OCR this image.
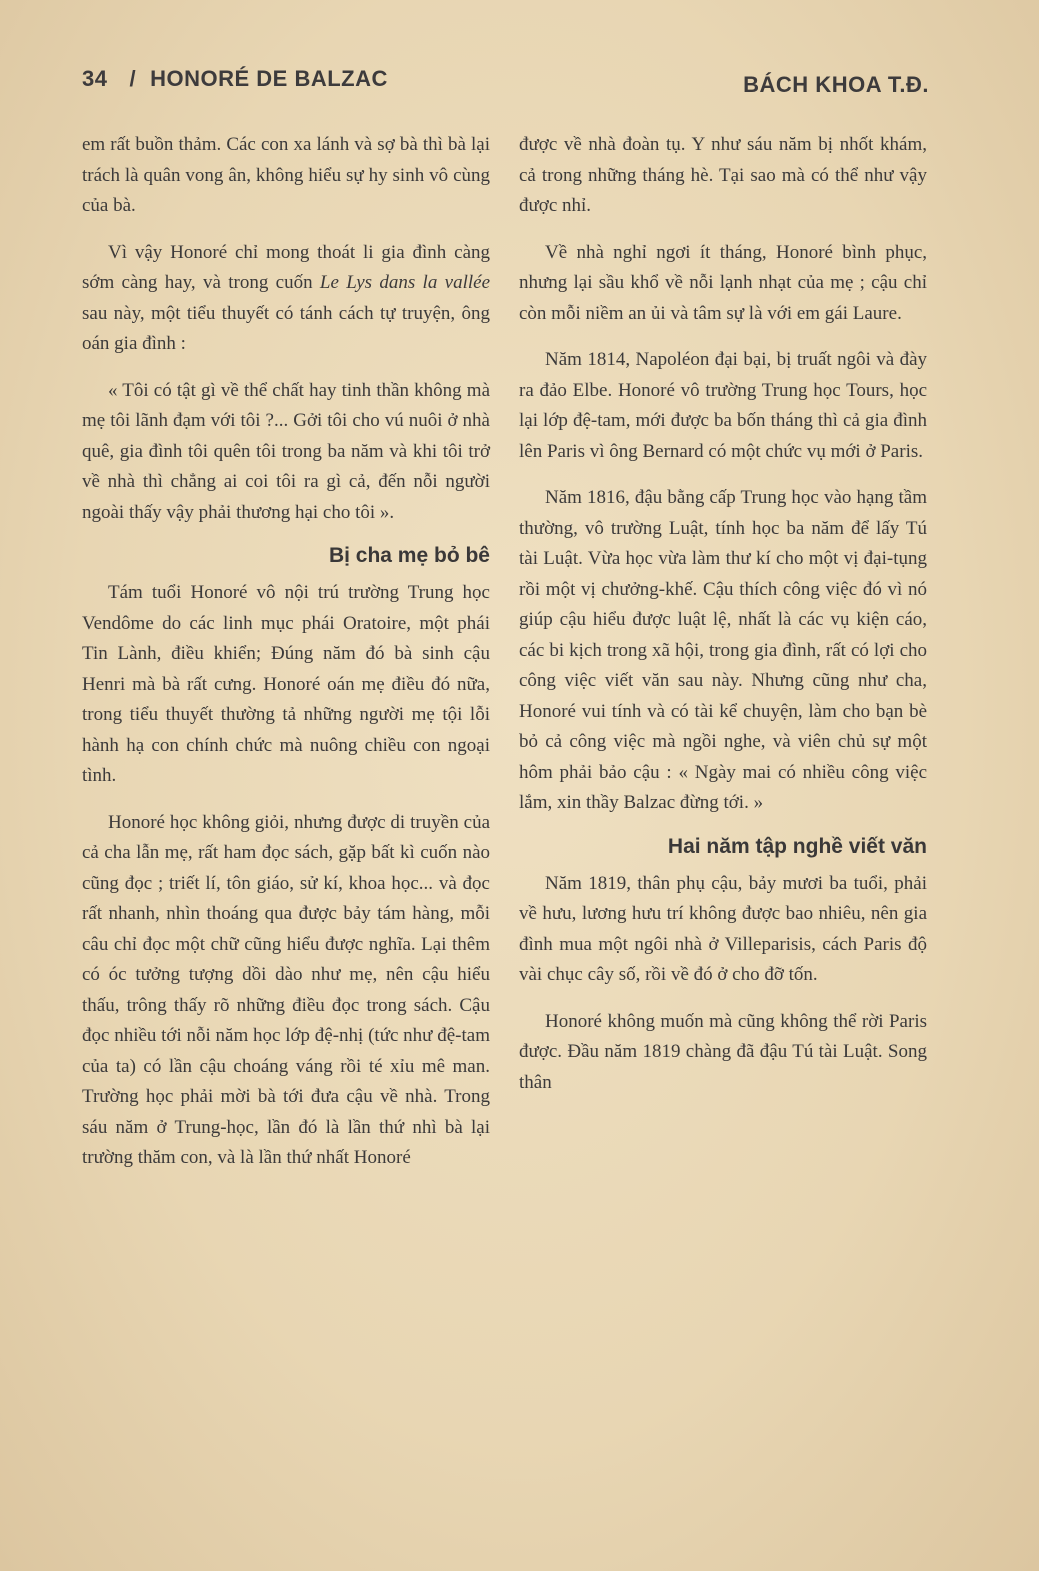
34 / HONORÉ DE BALZAC	BÁCH KHOA T.Đ.

em rất buồn thảm. Các con xa lánh và sợ bà thì bà lại trách là quân vong ân, không hiểu sự hy sinh vô cùng của bà.

Vì vậy Honoré chỉ mong thoát li gia đình càng sớm càng hay, và trong cuốn Le Lys dans la vallée sau này, một tiểu thuyết có tánh cách tự truyện, ông oán gia đình :

« Tôi có tật gì về thể chất hay tinh thần không mà mẹ tôi lãnh đạm với tôi ?... Gởi tôi cho vú nuôi ở nhà quê, gia đình tôi quên tôi trong ba năm và khi tôi trở về nhà thì chẳng ai coi tôi ra gì cả, đến nỗi người ngoài thấy vậy phải thương hại cho tôi ».

Bị cha mẹ bỏ bê

Tám tuổi Honoré vô nội trú trường Trung học Vendôme do các linh mục phái Oratoire, một phái Tin Lành, điều khiển; Đúng năm đó bà sinh cậu Henri mà bà rất cưng. Honoré oán mẹ điều đó nữa, trong tiểu thuyết thường tả những người mẹ tội lỗi hành hạ con chính chức mà nuông chiều con ngoại tình.

Honoré học không giỏi, nhưng được di truyền của cả cha lẫn mẹ, rất ham đọc sách, gặp bất kì cuốn nào cũng đọc ; triết lí, tôn giáo, sử kí, khoa học... và đọc rất nhanh, nhìn thoáng qua được bảy tám hàng, mỗi câu chỉ đọc một chữ cũng hiểu được nghĩa. Lại thêm có óc tưởng tượng dồi dào như mẹ, nên cậu hiểu thấu, trông thấy rõ những điều đọc trong sách. Cậu đọc nhiều tới nỗi năm học lớp đệ-nhị (tức như đệ-tam của ta) có lần cậu choáng váng rồi té xỉu mê man. Trường học phải mời bà tới đưa cậu về nhà. Trong sáu năm ở Trung-học, lần đó là lần thứ nhì bà lại trường thăm con, và là lần thứ nhất Honoré

được về nhà đoàn tụ. Y như sáu năm bị nhốt khám, cả trong những tháng hè. Tại sao mà có thể như vậy được nhỉ.

Về nhà nghỉ ngơi ít tháng, Honoré bình phục, nhưng lại sầu khổ về nỗi lạnh nhạt của mẹ ; cậu chỉ còn mỗi niềm an ủi và tâm sự là với em gái Laure.

Năm 1814, Napoléon đại bại, bị truất ngôi và đày ra đảo Elbe. Honoré vô trường Trung học Tours, học lại lớp đệ-tam, mới được ba bốn tháng thì cả gia đình lên Paris vì ông Bernard có một chức vụ mới ở Paris.

Năm 1816, đậu bằng cấp Trung học vào hạng tầm thường, vô trường Luật, tính học ba năm để lấy Tú tài Luật. Vừa học vừa làm thư kí cho một vị đại-tụng rồi một vị chưởng-khế. Cậu thích công việc đó vì nó giúp cậu hiểu được luật lệ, nhất là các vụ kiện cáo, các bi kịch trong xã hội, trong gia đình, rất có lợi cho công việc viết văn sau này. Nhưng cũng như cha, Honoré vui tính và có tài kể chuyện, làm cho bạn bè bỏ cả công việc mà ngồi nghe, và viên chủ sự một hôm phải bảo cậu : « Ngày mai có nhiều công việc lắm, xin thầy Balzac đừng tới. »

Hai năm tập nghề viết văn

Năm 1819, thân phụ cậu, bảy mươi ba tuổi, phải về hưu, lương hưu trí không được bao nhiêu, nên gia đình mua một ngôi nhà ở Villeparisis, cách Paris độ vài chục cây số, rồi về đó ở cho đỡ tốn.

Honoré không muốn mà cũng không thể rời Paris được. Đầu năm 1819 chàng đã đậu Tú tài Luật. Song thân
